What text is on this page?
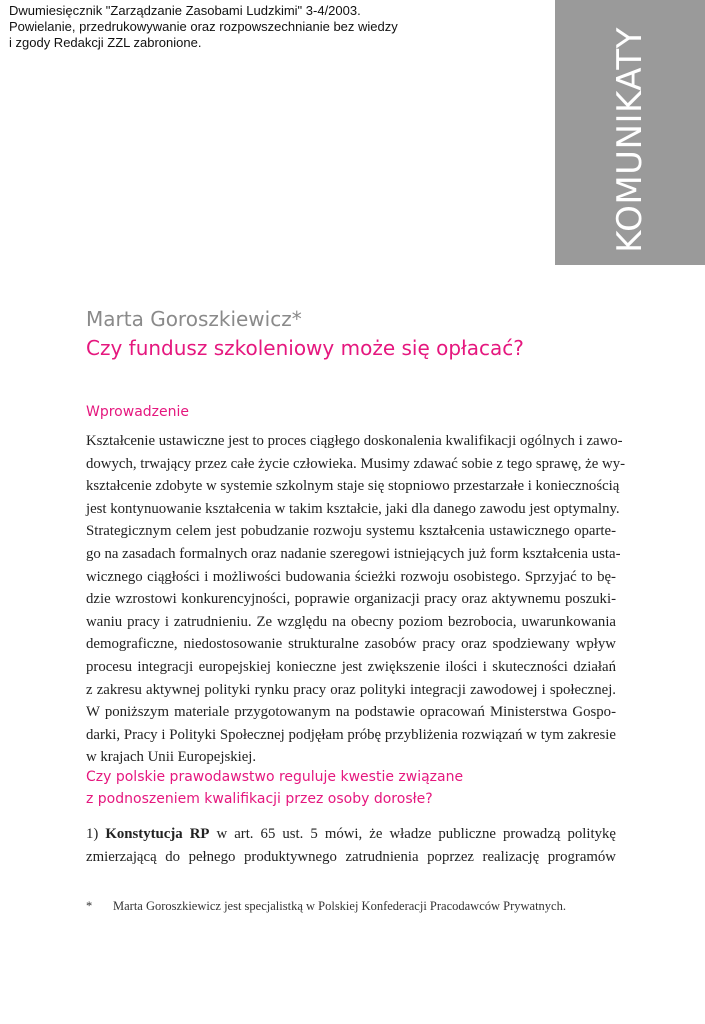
Dwumiesięcznik "Zarządzanie Zasobami Ludzkimi" 3-4/2003.
Powielanie, przedrukowywanie oraz rozpowszechnianie bez wiedzy
i zgody Redakcji ZZL zabronione.	KOMUNIKATY
Marta Goroszkiewicz*
Czy fundusz szkoleniowy może się opłacać?
Wprowadzenie
Kształcenie ustawiczne jest to proces ciągłego doskonalenia kwalifikacji ogólnych i zawo-
dowych, trwający przez całe życie człowieka. Musimy zdawać sobie z tego sprawę, że wy-
kształcenie zdobyte w systemie szkolnym staje się stopniowo przestarzałe i koniecznością
jest kontynuowanie kształcenia w takim kształcie, jaki dla danego zawodu jest optymalny.
Strategicznym celem jest pobudzanie rozwoju systemu kształcenia ustawicznego oparte-
go na zasadach formalnych oraz nadanie szeregowi istniejących już form kształcenia usta-
wicznego ciągłości i możliwości budowania ścieżki rozwoju osobistego. Sprzyjać to bę-
dzie wzrostowi konkurencyjności, poprawie organizacji pracy oraz aktywnemu poszuki-
waniu pracy i zatrudnieniu. Ze względu na obecny poziom bezrobocia, uwarunkowania
demograficzne, niedostosowanie strukturalne zasobów pracy oraz spodziewany wpływ
procesu integracji europejskiej konieczne jest zwiększenie ilości i skuteczności działań
z zakresu aktywnej polityki rynku pracy oraz polityki integracji zawodowej i społecznej.
W poniższym materiale przygotowanym na podstawie opracowań Ministerstwa Gospo-
darki, Pracy i Polityki Społecznej podjęłam próbę przybliżenia rozwiązań w tym zakresie
w krajach Unii Europejskiej.
Czy polskie prawodawstwo reguluje kwestie związane
z podnoszeniem kwalifikacji przez osoby dorosłe?
1) Konstytucja RP w art. 65 ust. 5 mówi, że władze publiczne prowadzą politykę
zmierzającą do pełnego produktywnego zatrudnienia poprzez realizację programów
* Marta Goroszkiewicz jest specjalistką w Polskiej Konfederacji Pracodawców Prywatnych.
